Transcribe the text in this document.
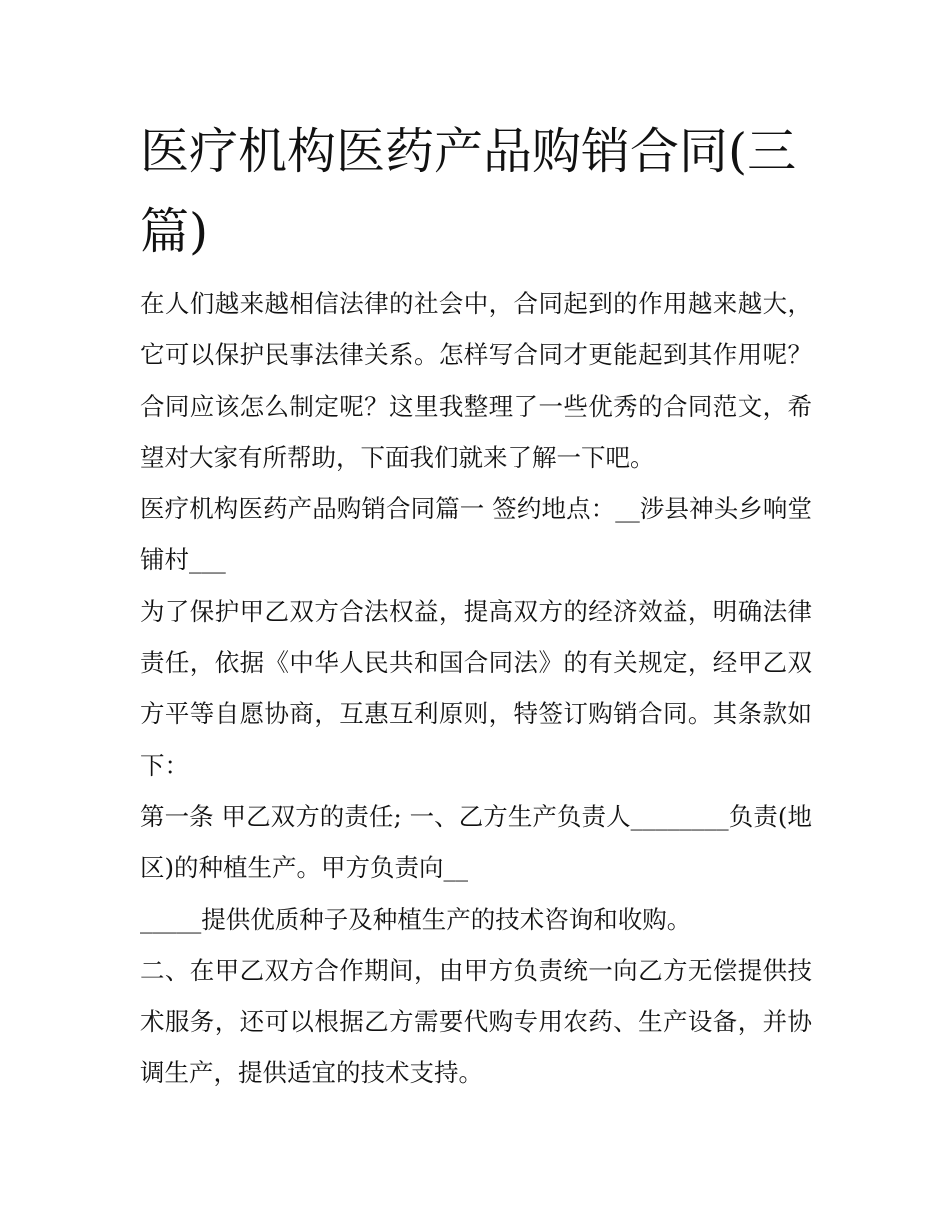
医疗机构医药产品购销合同(三篇)

在人们越来越相信法律的社会中，合同起到的作用越来越大，它可以保护民事法律关系。怎样写合同才更能起到其作用呢？合同应该怎么制定呢？这里我整理了一些优秀的合同范文，希望对大家有所帮助，下面我们就来了解一下吧。

医疗机构医药产品购销合同篇一 签约地点：__涉县神头乡响堂铺村___

为了保护甲乙双方合法权益，提高双方的经济效益，明确法律责任，依据《中华人民共和国合同法》的有关规定，经甲乙双方平等自愿协商，互惠互利原则，特签订购销合同。其条款如下：

第一条 甲乙双方的责任; 一、乙方生产负责人________负责(地区)的种植生产。甲方负责向__

_____提供优质种子及种植生产的技术咨询和收购。

二、在甲乙双方合作期间，由甲方负责统一向乙方无偿提供技术服务，还可以根据乙方需要代购专用农药、生产设备，并协调生产，提供适宜的技术支持。
